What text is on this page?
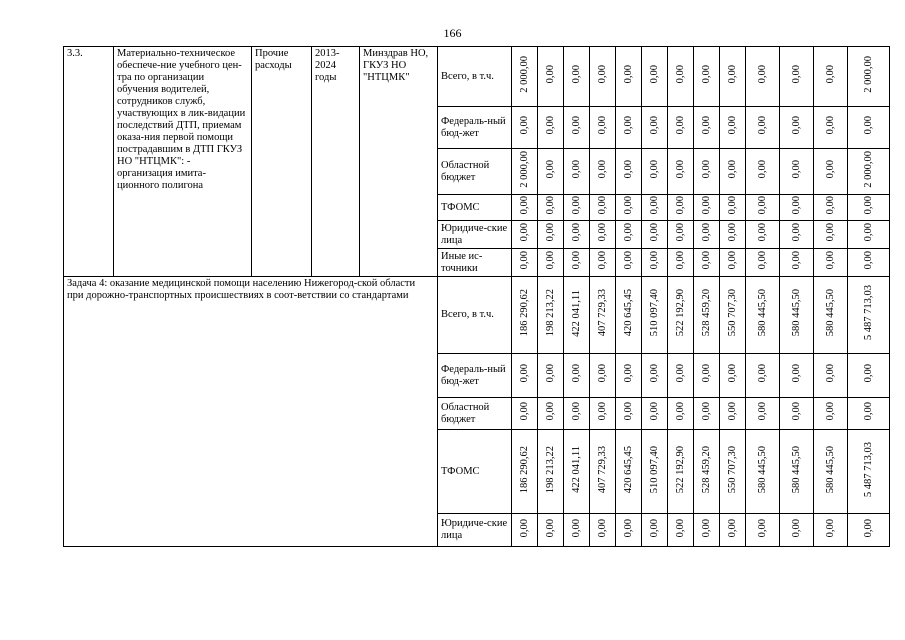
166
3.3.	Материально-техническое обеспече-ние учебного цен-тра по организации обучения водителей, сотрудников служб, участвующих в лик-видации последствий ДТП, приемам оказа-ния первой помощи пострадавшим в ДТП ГКУЗ НО "НТЦМК": - организация имита-ционного полигона	Прочие расходы	2013-2024 годы	Минздрав НО, ГКУЗ НО "НТЦМК"	Всего, в т.ч.	2 000,00	0,00	0,00	0,00	0,00	0,00	0,00	0,00	0,00	0,00	0,00	0,00	2 000,00
					Федераль-ный бюд-жет	0,00	0,00	0,00	0,00	0,00	0,00	0,00	0,00	0,00	0,00	0,00	0,00	0,00
					Областной бюджет	2 000,00	0,00	0,00	0,00	0,00	0,00	0,00	0,00	0,00	0,00	0,00	0,00	2 000,00
					ТФОМС	0,00	0,00	0,00	0,00	0,00	0,00	0,00	0,00	0,00	0,00	0,00	0,00	0,00
					Юридиче-ские лица	0,00	0,00	0,00	0,00	0,00	0,00	0,00	0,00	0,00	0,00	0,00	0,00	0,00
					Иные ис-точники	0,00	0,00	0,00	0,00	0,00	0,00	0,00	0,00	0,00	0,00	0,00	0,00	0,00
Задача 4: оказание медицинской помощи населению Нижегород-ской области при дорожно-транспортных происшествиях в соот-ветствии со стандартами					Всего, в т.ч.	186 290,62	198 213,22	422 041,11	407 729,33	420 645,45	510 097,40	522 192,90	528 459,20	550 707,30	580 445,50	580 445,50	580 445,50	5 487 713,03
					Федераль-ный бюд-жет	0,00	0,00	0,00	0,00	0,00	0,00	0,00	0,00	0,00	0,00	0,00	0,00	0,00
					Областной бюджет	0,00	0,00	0,00	0,00	0,00	0,00	0,00	0,00	0,00	0,00	0,00	0,00	0,00
					ТФОМС	186 290,62	198 213,22	422 041,11	407 729,33	420 645,45	510 097,40	522 192,90	528 459,20	550 707,30	580 445,50	580 445,50	580 445,50	5 487 713,03
					Юридиче-ские лица	0,00	0,00	0,00	0,00	0,00	0,00	0,00	0,00	0,00	0,00	0,00	0,00	0,00
